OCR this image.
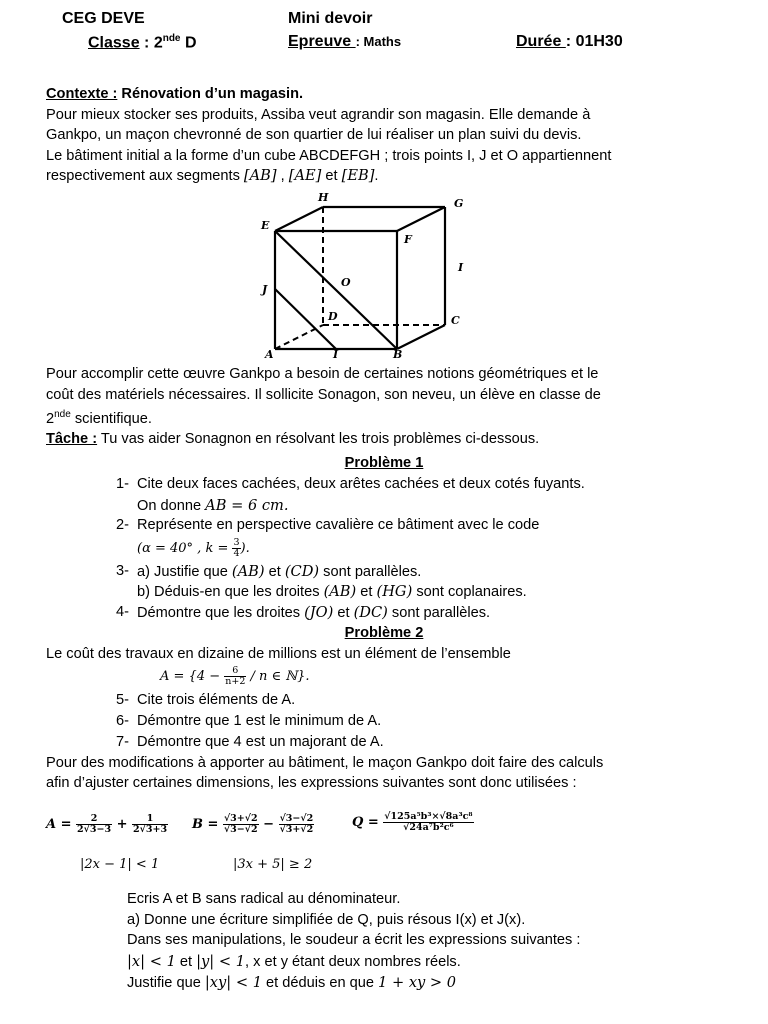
CEG DEVE
Classe : 2nde D
Mini devoir
Epreuve : Maths	Durée : 01H30
Contexte : Rénovation d’un magasin.
Pour mieux stocker ses produits, Assiba veut agrandir son magasin. Elle demande à
Gankpo, un maçon chevronné de son quartier de lui réaliser un plan suivi du devis.
Le bâtiment initial a la forme d’un cube ABCDEFGH ; trois points I, J et O appartiennent
respectivement aux segments [AB] , [AE] et [EB].
E
H	G
F
I
J
O
D	C
A	I	B
Pour accomplir cette œuvre Gankpo a besoin de certaines notions géométriques et le
coût des matériels nécessaires. Il sollicite Sonagon, son neveu, un élève en classe de
2nde scientifique.
Tâche : Tu vas aider Sonagnon en résolvant les trois problèmes ci-dessous.
Problème 1
1- Cite deux faces cachées, deux arêtes cachées et deux cotés fuyants.
On donne AB = 6 cm.
2- Représente en perspective cavalière ce bâtiment avec le code
(α = 40° , $k = \frac{3}{4}$ ).
3- a) Justifie que (AB) et (CD) sont parallèles.
b) Déduis-en que les droites (AB) et (HG) sont coplanaires.
4- Démontre que les droites (JO) et (DC) sont parallèles.
Problème 2
Le coût des travaux en dizaine de millions est un élément de l’ensemble
$A = \{4 - \frac{6}{n+2} / n$ ∈ ℕ}.
5- Cite trois éléments de A.
6- Démontre que 1 est le minimum de A.
7- Démontre que 4 est un majorant de A.
Pour des modifications à apporter au bâtiment, le maçon Gankpo doit faire des calculs
afin d’ajuster certaines dimensions, les expressions suivantes sont donc utilisées :
$A = \frac{2}{2√3-3} + \frac{1}{2√3+3}$ $B = \frac{√3+√2}{√3-√2} - \frac{√3-√2}{√3+√2}$	$Q = \frac{\text{√125a⁵b³×√8a³c⁸}}{\text{√24a⁷b²c⁶}}$
|2x − 1| < 1	|3x + 5| ≥ 2
Ecris A et B sans radical au dénominateur.
a) Donne une écriture simplifiée de Q, puis résous I(x) et J(x).
Dans ses manipulations, le soudeur a écrit les expressions suivantes :
|x| < 1 et |y| < 1, x et y étant deux nombres réels.
Justifie que |xy| < 1 et déduis en que 1 + xy > 0
